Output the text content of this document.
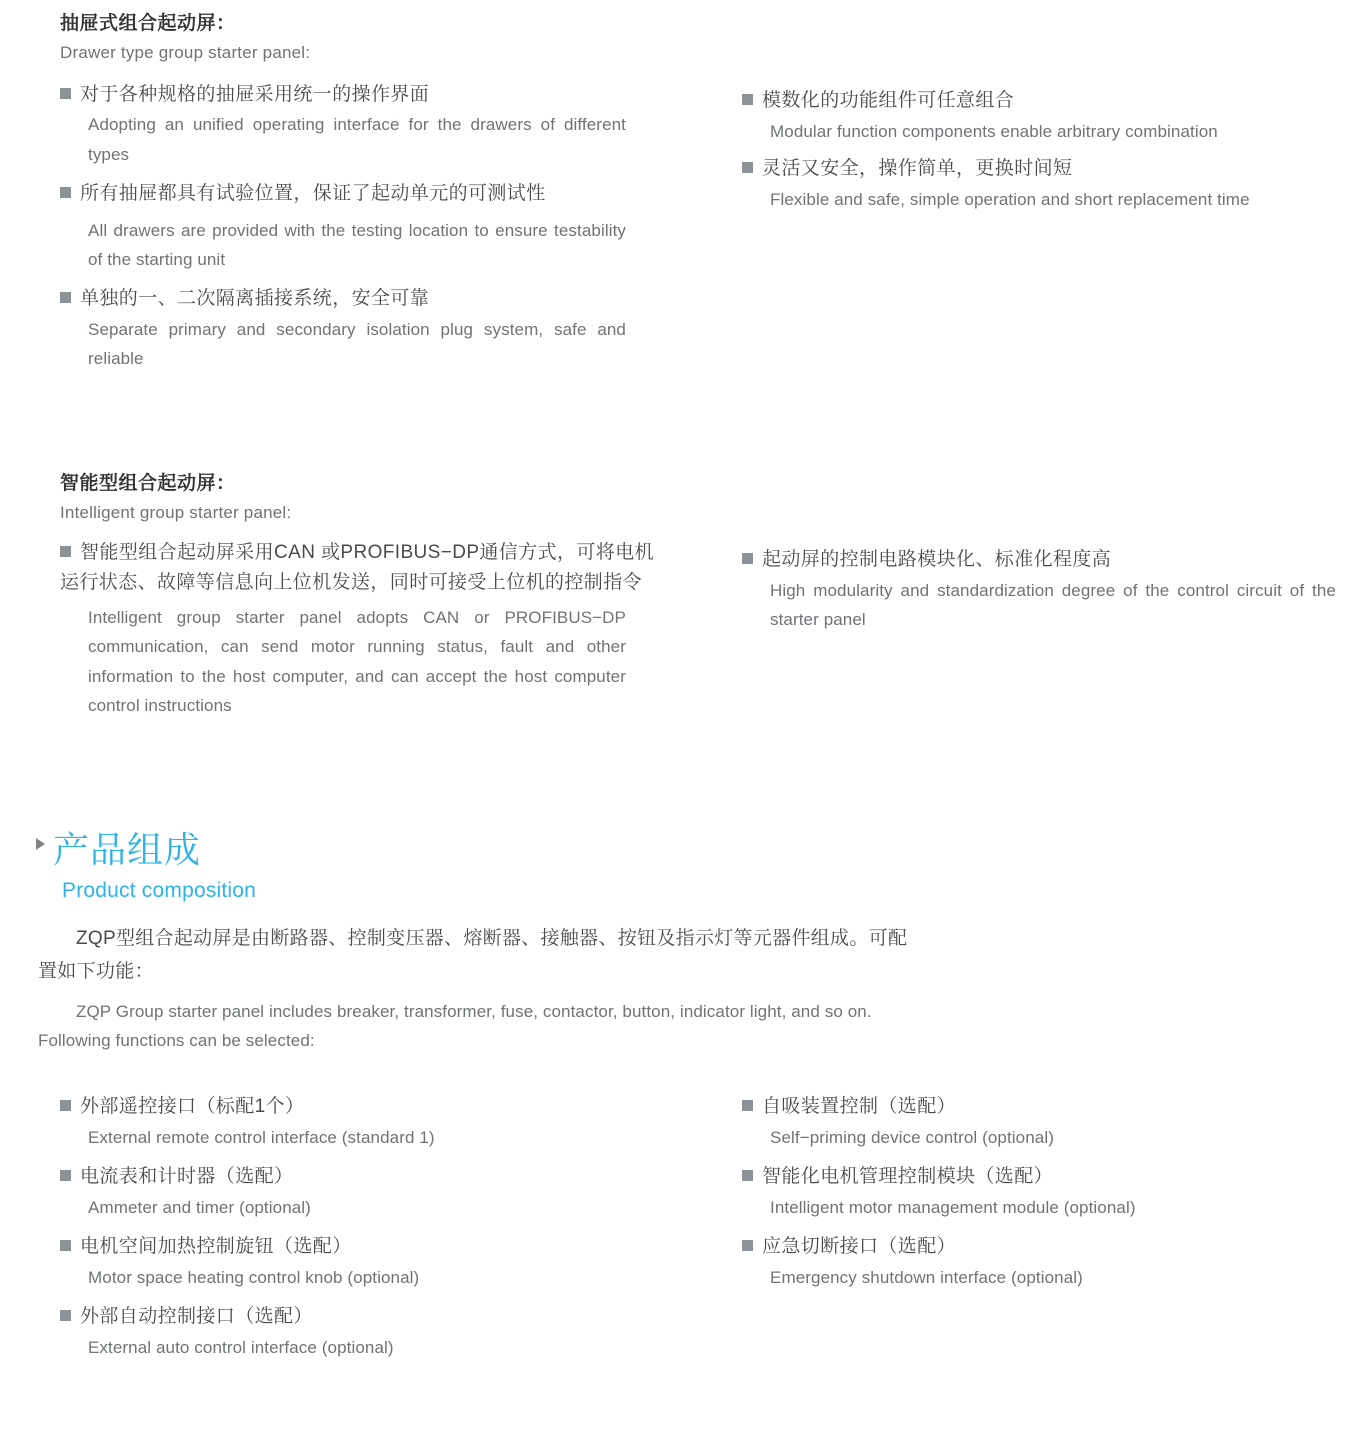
抽屉式组合起动屏：
Drawer type group starter panel:
对于各种规格的抽屉采用统一的操作界面
Adopting an unified operating interface for the drawers of different types
所有抽屉都具有试验位置，保证了起动单元的可测试性
All drawers are provided with the testing location to ensure testability of the starting unit
单独的一、二次隔离插接系统，安全可靠
Separate primary and secondary isolation plug system, safe and reliable
模数化的功能组件可任意组合
Modular function components enable arbitrary combination
灵活又安全，操作简单，更换时间短
Flexible and safe, simple operation and short replacement time
智能型组合起动屏：
Intelligent group starter panel:
智能型组合起动屏采用CAN 或PROFIBUS−DP通信方式，可将电机运行状态、故障等信息向上位机发送，同时可接受上位机的控制指令
Intelligent group starter panel adopts CAN or PROFIBUS−DP communication, can send motor running status, fault and other information to the host computer, and can accept the host computer control instructions
起动屏的控制电路模块化、标准化程度高
High modularity and standardization degree of the control circuit of the starter panel
产品组成
Product composition
ZQP型组合起动屏是由断路器、控制变压器、熔断器、接触器、按钮及指示灯等元器件组成。可配置如下功能：
ZQP Group starter panel includes breaker, transformer, fuse, contactor, button, indicator light, and so on. Following functions can be selected:
外部遥控接口（标配1个）
External remote control interface (standard 1)
电流表和计时器（选配）
Ammeter and timer (optional)
电机空间加热控制旋钮（选配）
Motor space heating control knob (optional)
外部自动控制接口（选配）
External auto control interface (optional)
自吸装置控制（选配）
Self−priming device control (optional)
智能化电机管理控制模块（选配）
Intelligent motor management module (optional)
应急切断接口（选配）
Emergency shutdown interface (optional)
